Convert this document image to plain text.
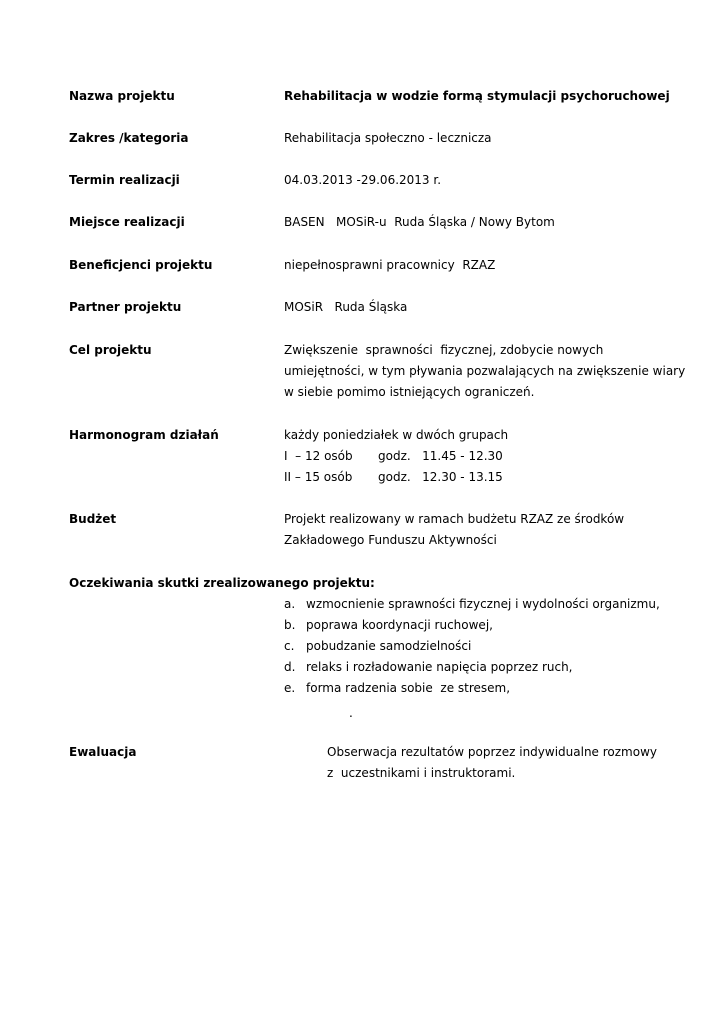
Nazwa projektu	Rehabilitacja w wodzie formą stymulacji psychoruchowej
Zakres /kategoria	Rehabilitacja społeczno - lecznicza
Termin realizacji	04.03.2013 -29.06.2013 r.
Miejsce realizacji	BASEN   MOSiR-u  Ruda Śląska / Nowy Bytom
Beneficjenci projektu	niepełnosprawni pracownicy  RZAZ
Partner projektu	MOSiR   Ruda Śląska
Cel projektu	Zwiększenie  sprawności  fizycznej, zdobycie nowych
umiejętności, w tym pływania pozwalających na zwiększenie wiary
w siebie pomimo istniejących ograniczeń.
Harmonogram działań	każdy poniedziałek w dwóch grupach
I  – 12 osób godz.   11.45 - 12.30
II – 15 osób godz.   12.30 - 13.15
Budżet	Projekt realizowany w ramach budżetu RZAZ ze środków
Zakładowego Funduszu Aktywności
Oczekiwania skutki zrealizowanego projektu:
a. wzmocnienie sprawności fizycznej i wydolności organizmu,
b. poprawa koordynacji ruchowej,
c. pobudzanie samodzielności
d. relaks i rozładowanie napięcia poprzez ruch,
e. forma radzenia sobie  ze stresem,
.
Ewaluacja	Obserwacja rezultatów poprzez indywidualne rozmowy
z  uczestnikami i instruktorami.
